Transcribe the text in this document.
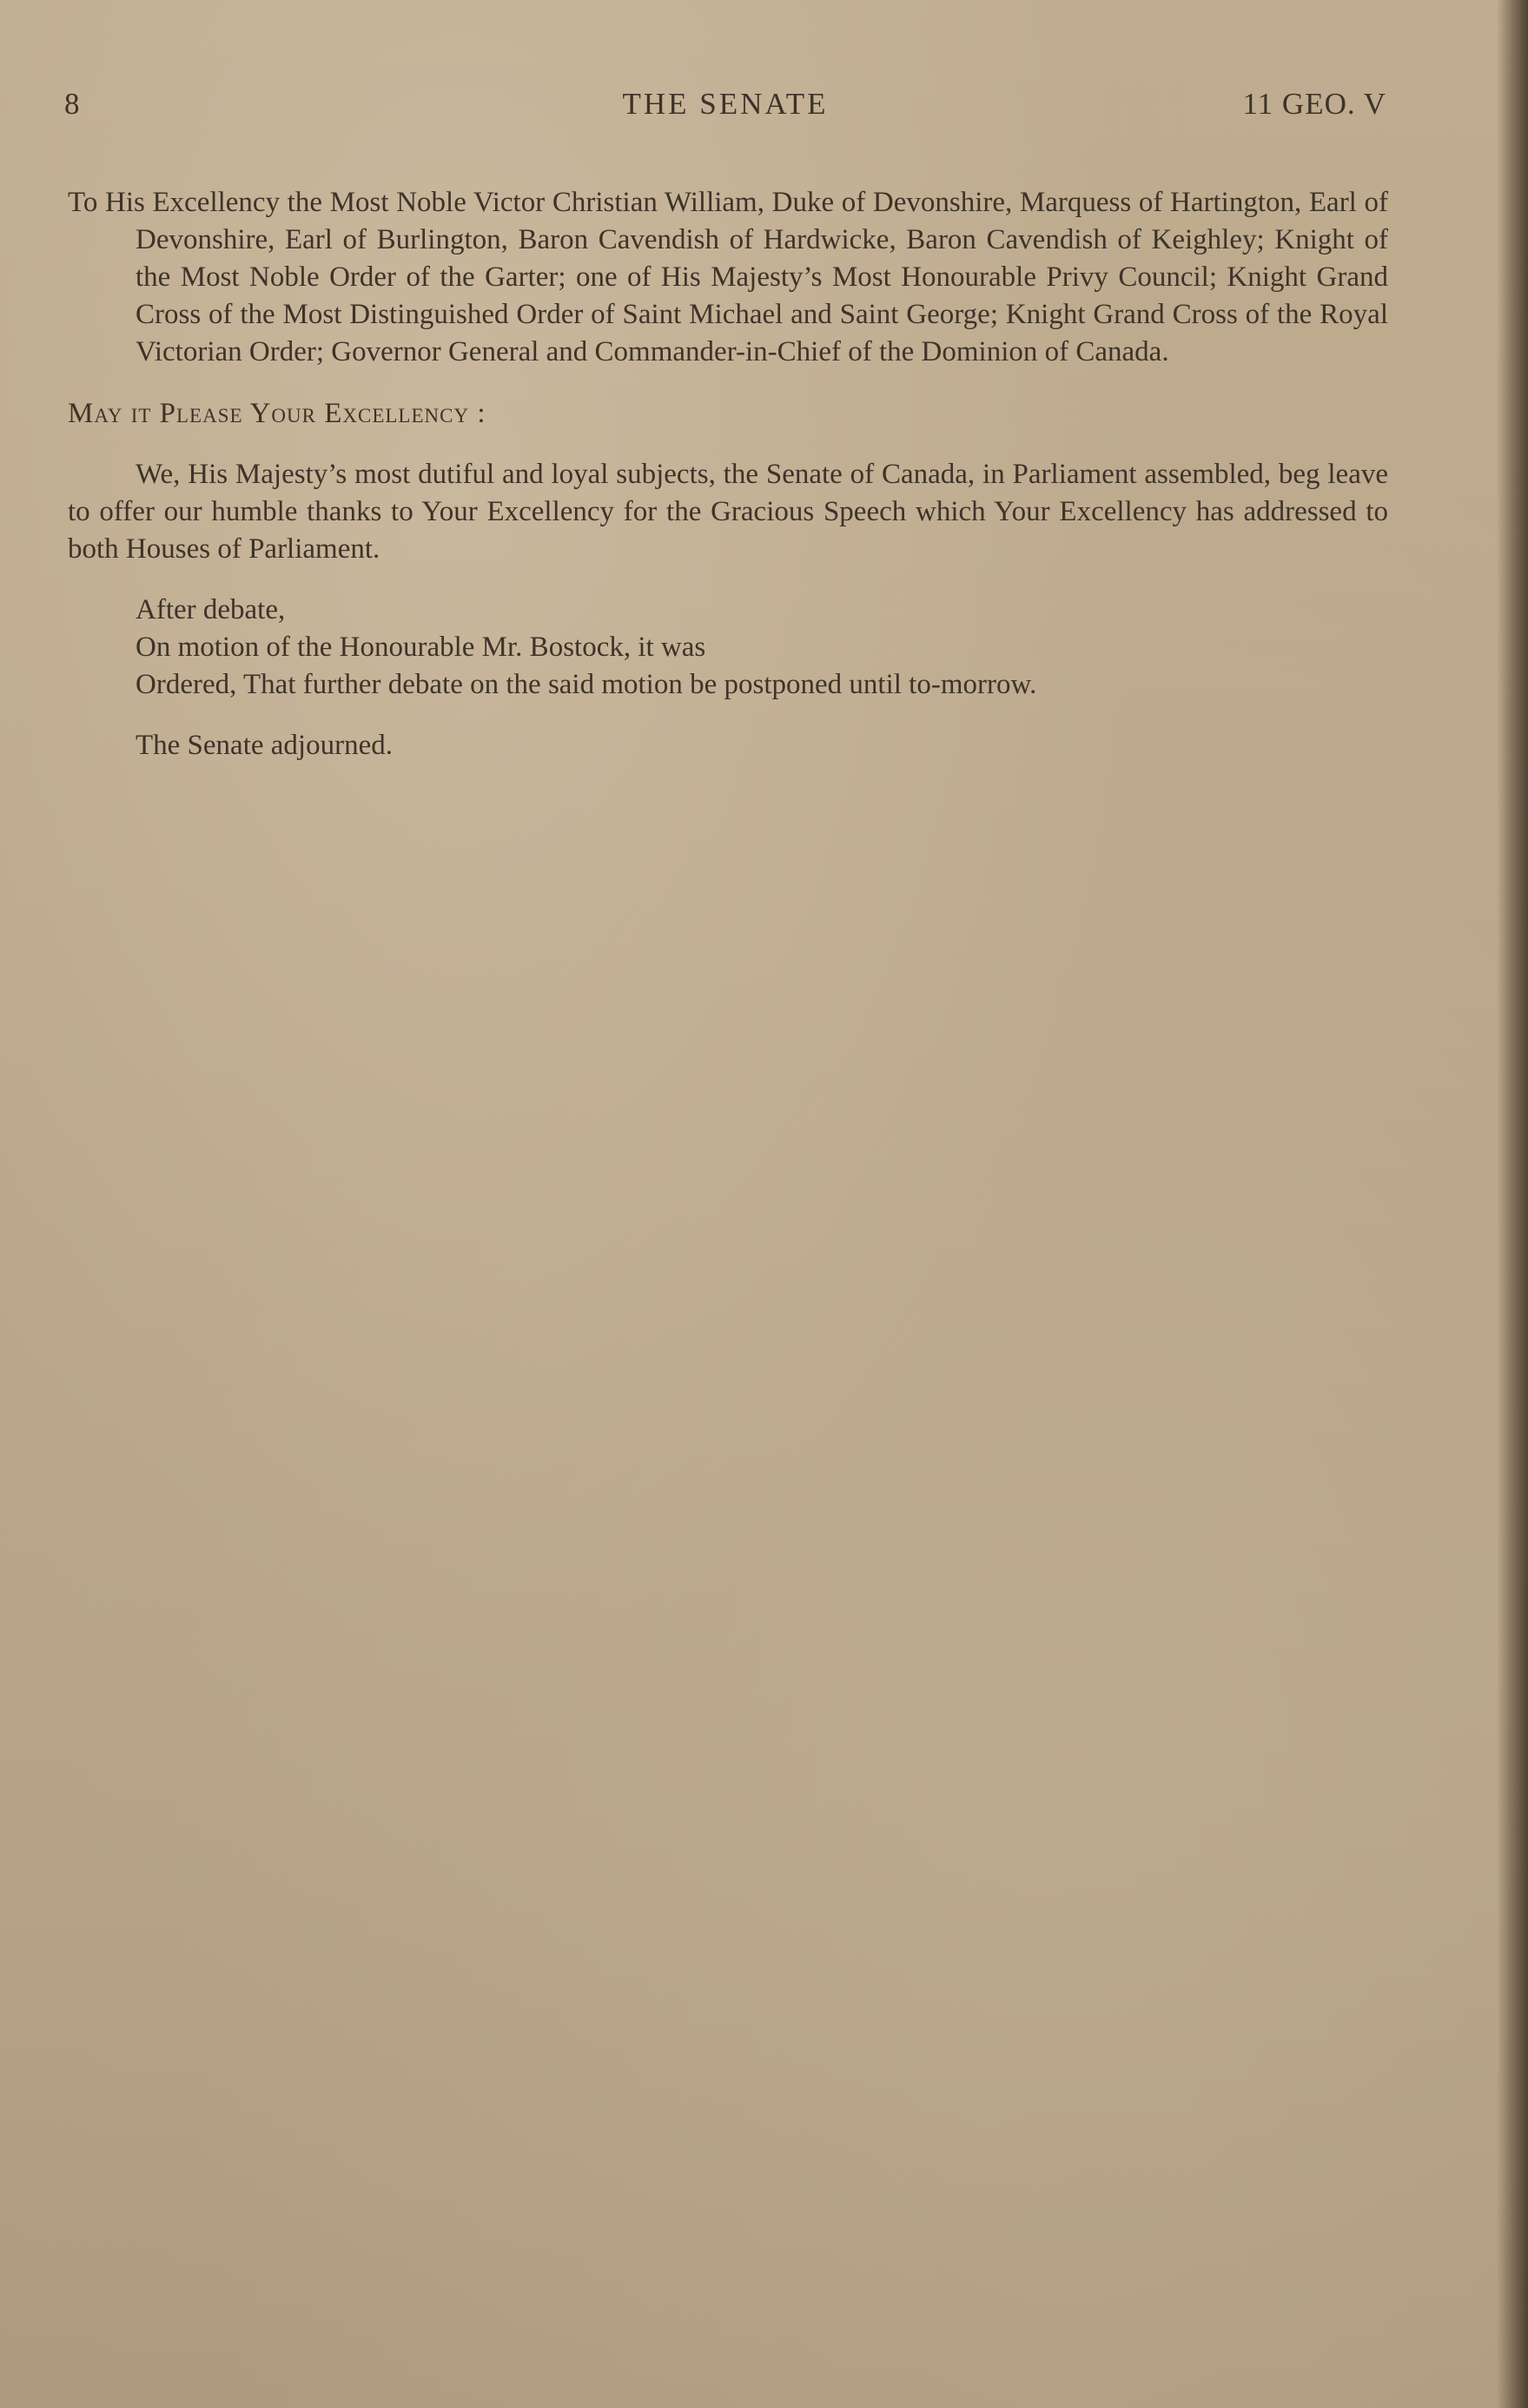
8	THE SENATE	11 GEO. V

To His Excellency the Most Noble Victor Christian William, Duke of Devonshire, Marquess of Hartington, Earl of Devonshire, Earl of Burlington, Baron Cavendish of Hardwicke, Baron Cavendish of Keighley; Knight of the Most Noble Order of the Garter; one of His Majesty’s Most Honourable Privy Council; Knight Grand Cross of the Most Distinguished Order of Saint Michael and Saint George; Knight Grand Cross of the Royal Victorian Order; Governor General and Commander-in-Chief of the Dominion of Canada.

May it Please Your Excellency :

We, His Majesty’s most dutiful and loyal subjects, the Senate of Canada, in Parliament assembled, beg leave to offer our humble thanks to Your Excellency for the Gracious Speech which Your Excellency has addressed to both Houses of Parliament.

After debate,
On motion of the Honourable Mr. Bostock, it was
Ordered, That further debate on the said motion be postponed until to-morrow.
The Senate adjourned.
